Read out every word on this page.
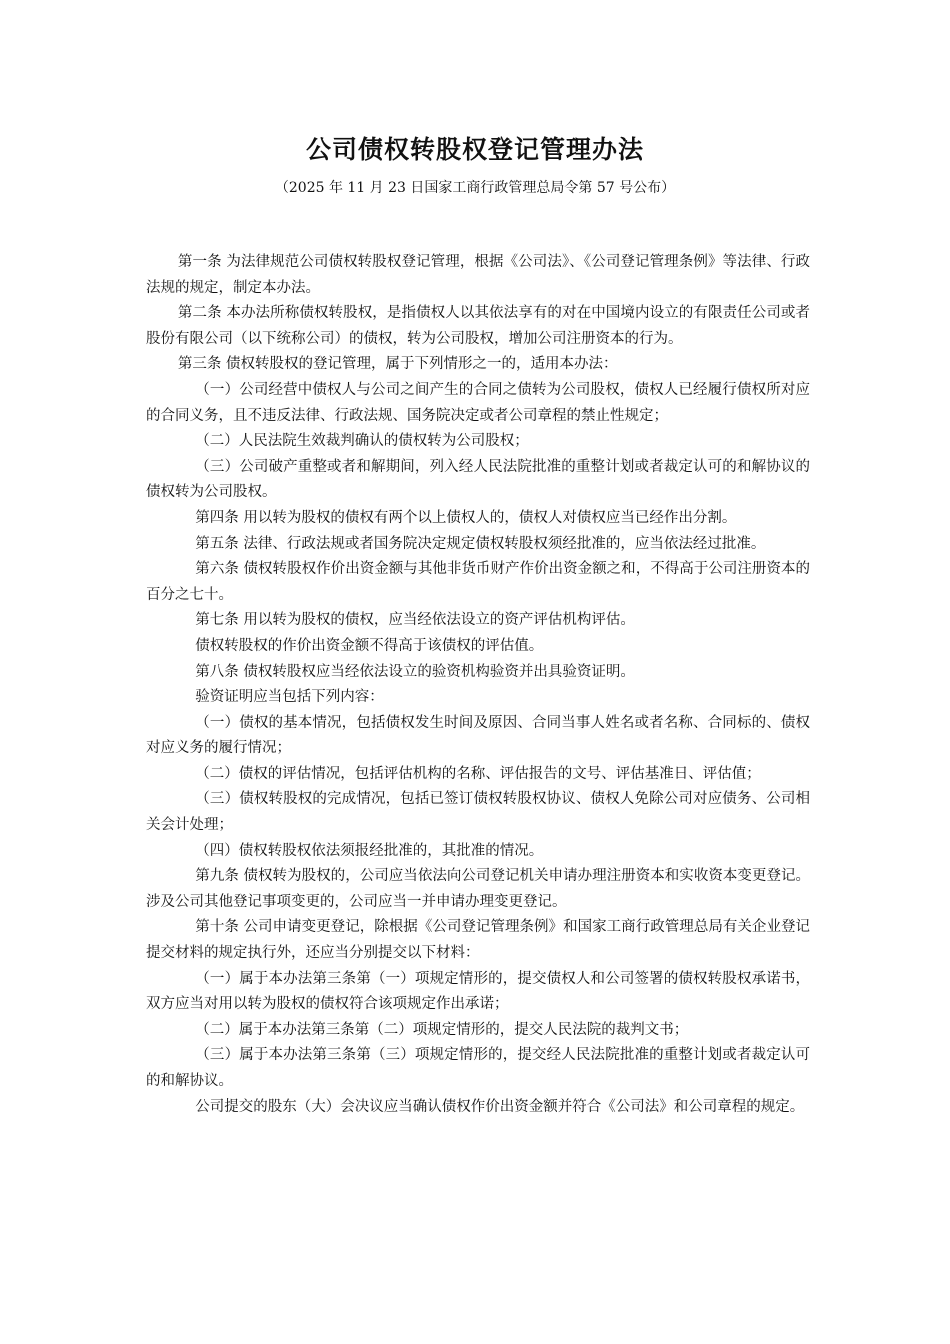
公司债权转股权登记管理办法

（2025 年 11 月 23 日国家工商行政管理总局令第 57 号公布）

第一条 为法律规范公司债权转股权登记管理，根据《公司法》、《公司登记管理条例》等法律、行政法规的规定，制定本办法。

第二条 本办法所称债权转股权，是指债权人以其依法享有的对在中国境内设立的有限责任公司或者股份有限公司（以下统称公司）的债权，转为公司股权，增加公司注册资本的行为。

第三条 债权转股权的登记管理，属于下列情形之一的，适用本办法：

（一）公司经营中债权人与公司之间产生的合同之债转为公司股权，债权人已经履行债权所对应的合同义务，且不违反法律、行政法规、国务院决定或者公司章程的禁止性规定；

（二）人民法院生效裁判确认的债权转为公司股权；

（三）公司破产重整或者和解期间，列入经人民法院批准的重整计划或者裁定认可的和解协议的债权转为公司股权。

第四条 用以转为股权的债权有两个以上债权人的，债权人对债权应当已经作出分割。

第五条 法律、行政法规或者国务院决定规定债权转股权须经批准的，应当依法经过批准。

第六条 债权转股权作价出资金额与其他非货币财产作价出资金额之和，不得高于公司注册资本的百分之七十。

第七条 用以转为股权的债权，应当经依法设立的资产评估机构评估。

债权转股权的作价出资金额不得高于该债权的评估值。

第八条 债权转股权应当经依法设立的验资机构验资并出具验资证明。

验资证明应当包括下列内容：

（一）债权的基本情况，包括债权发生时间及原因、合同当事人姓名或者名称、合同标的、债权对应义务的履行情况；

（二）债权的评估情况，包括评估机构的名称、评估报告的文号、评估基准日、评估值；

（三）债权转股权的完成情况，包括已签订债权转股权协议、债权人免除公司对应债务、公司相关会计处理；

（四）债权转股权依法须报经批准的，其批准的情况。

第九条 债权转为股权的，公司应当依法向公司登记机关申请办理注册资本和实收资本变更登记。涉及公司其他登记事项变更的，公司应当一并申请办理变更登记。

第十条 公司申请变更登记，除根据《公司登记管理条例》和国家工商行政管理总局有关企业登记提交材料的规定执行外，还应当分别提交以下材料：

（一）属于本办法第三条第（一）项规定情形的，提交债权人和公司签署的债权转股权承诺书，双方应当对用以转为股权的债权符合该项规定作出承诺；

（二）属于本办法第三条第（二）项规定情形的，提交人民法院的裁判文书；

（三）属于本办法第三条第（三）项规定情形的，提交经人民法院批准的重整计划或者裁定认可的和解协议。

公司提交的股东（大）会决议应当确认债权作价出资金额并符合《公司法》和公司章程的规定。
